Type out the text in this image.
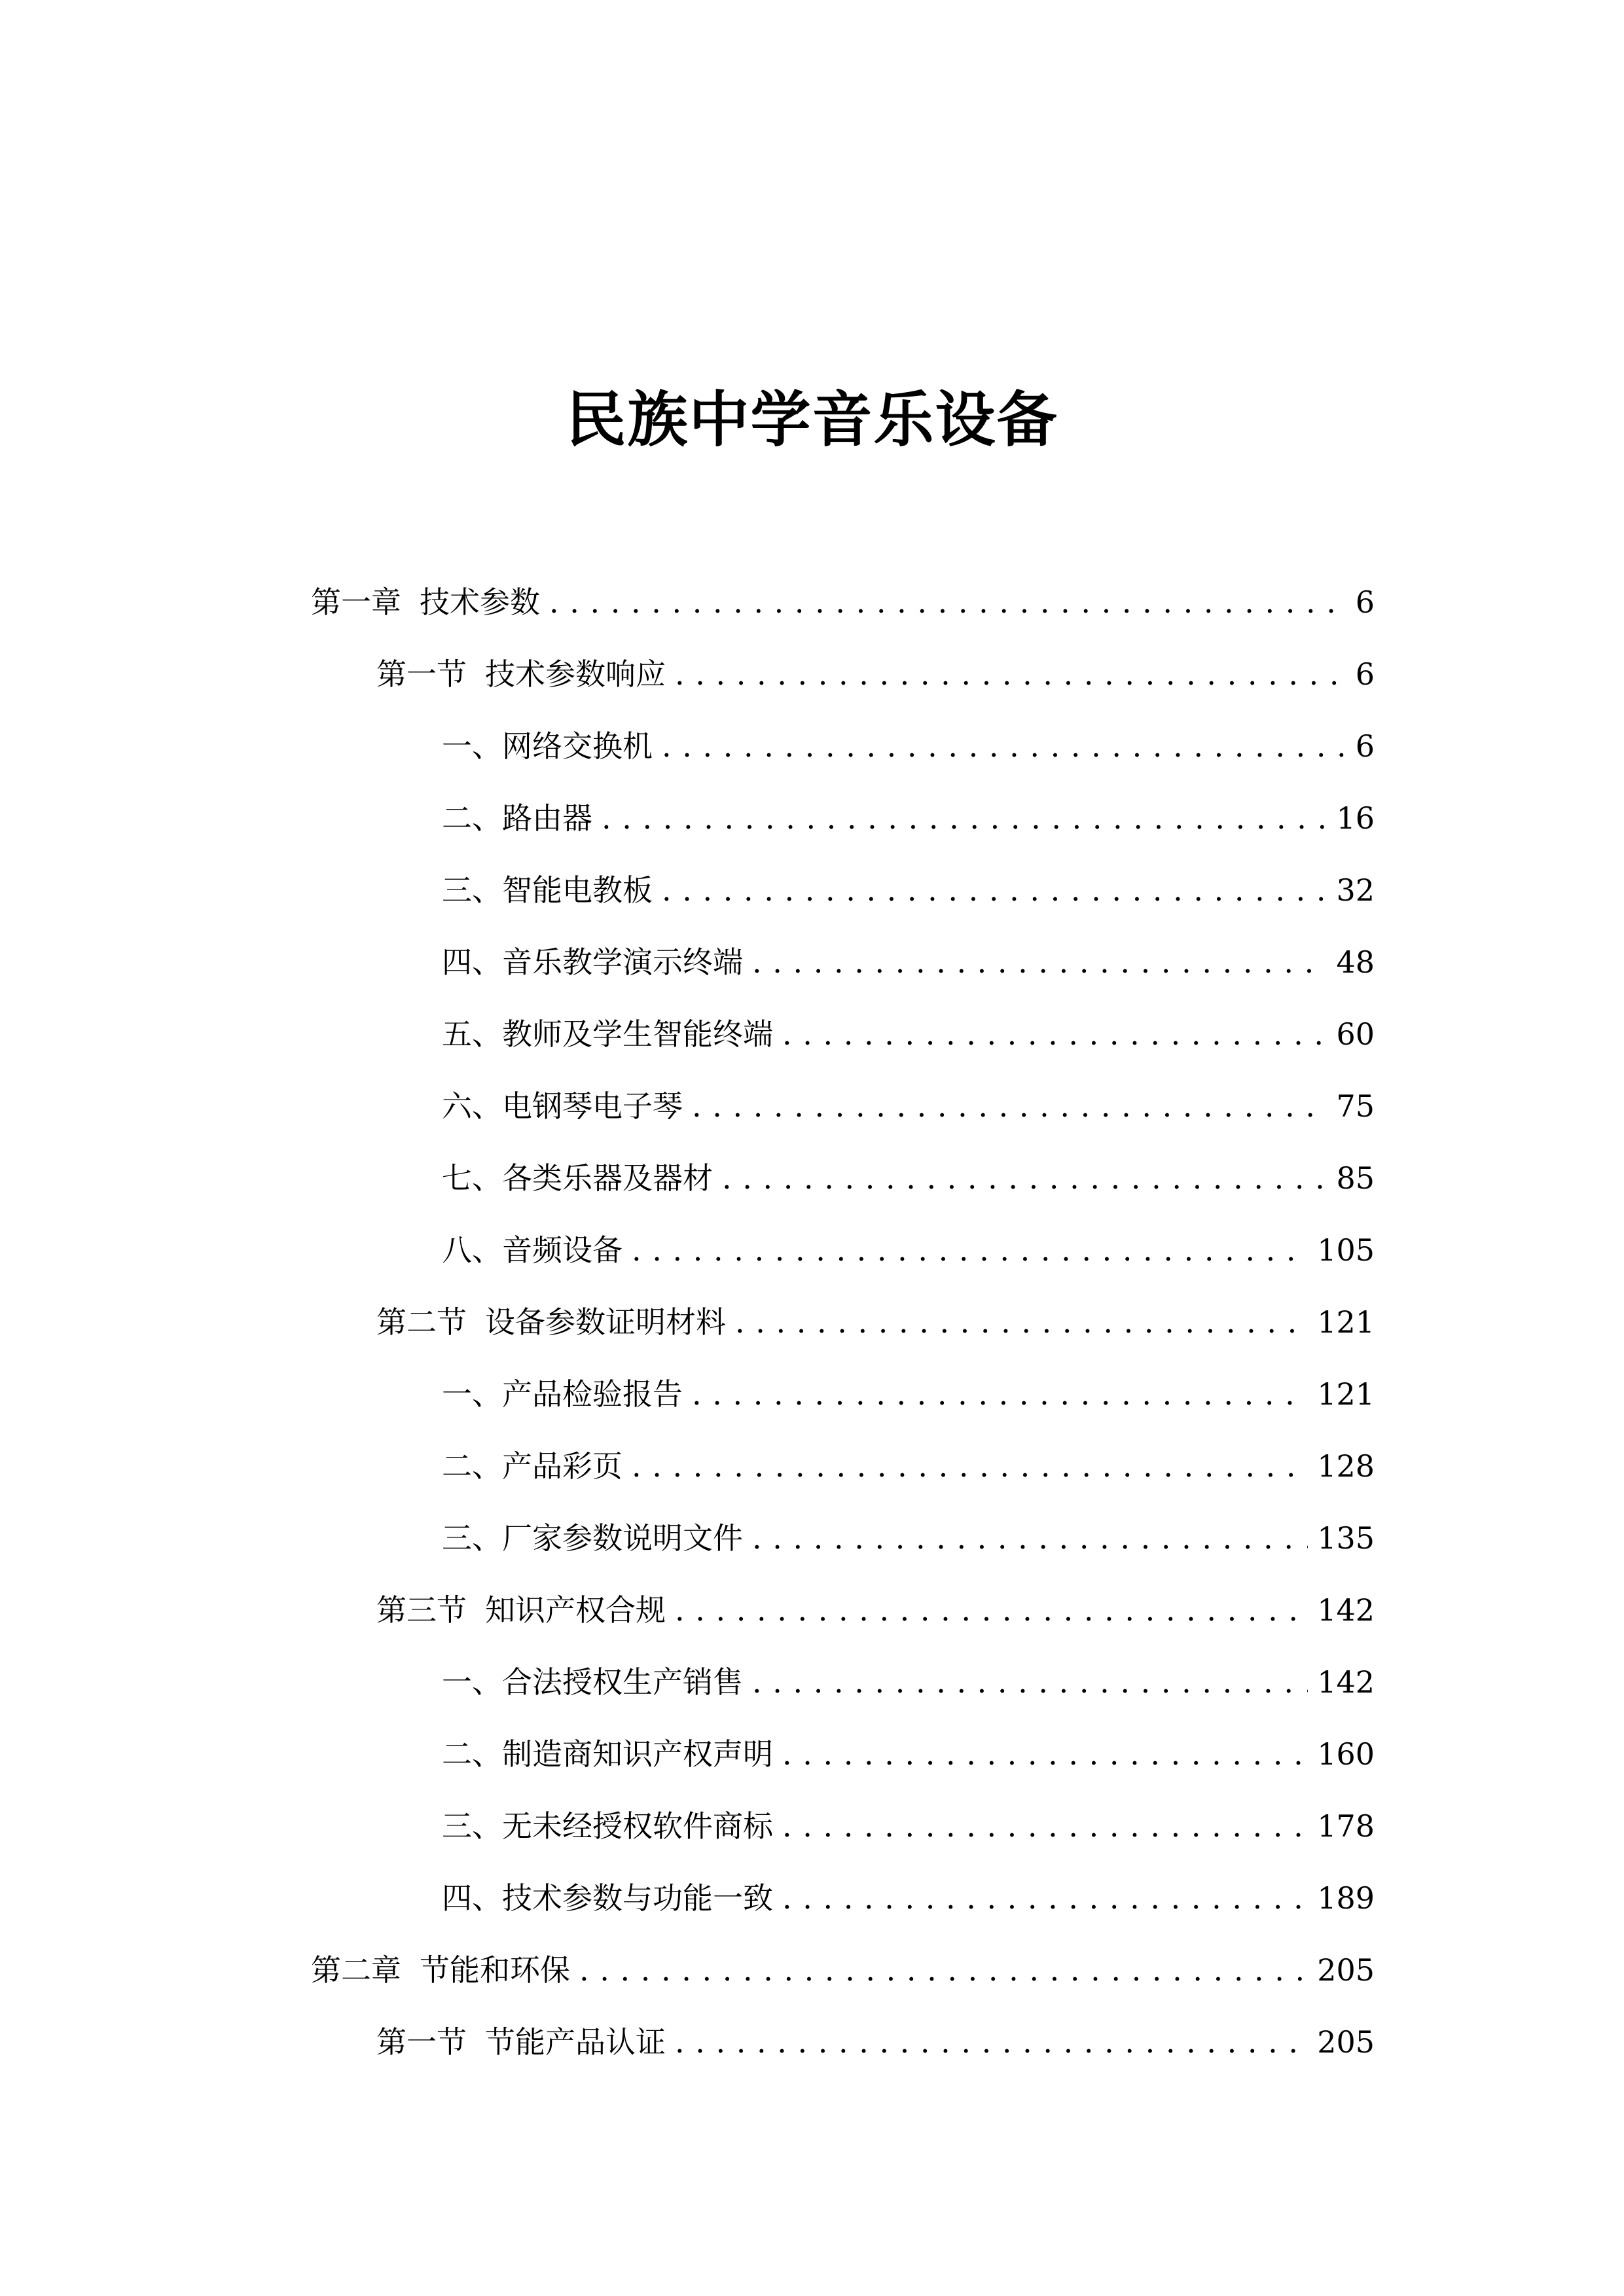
民族中学音乐设备
第一章 技术参数 . . .	6
第一节 技术参数响应 . . .	6
一、 网络交换机 . . .	6
二、 路由器 . . .	16
三、 智能电教板 . . .	32
四、 音乐教学演示终端 . . .	48
五、 教师及学生智能终端 . . .	60
六、 电钢琴电子琴 . . .	75
七、 各类乐器及器材 . . .	85
八、 音频设备 . . .	105
第二节 设备参数证明材料 . . .	121
一、 产品检验报告 . . .	121
二、 产品彩页 . . .	128
三、 厂家参数说明文件 . . .	135
第三节 知识产权合规 . . .	142
一、 合法授权生产销售 . . .	142
二、 制造商知识产权声明 . . .	160
三、 无未经授权软件商标 . . .	178
四、 技术参数与功能一致 . . .	189
第二章 节能和环保 . . .	205
第一节 节能产品认证 . . .	205
